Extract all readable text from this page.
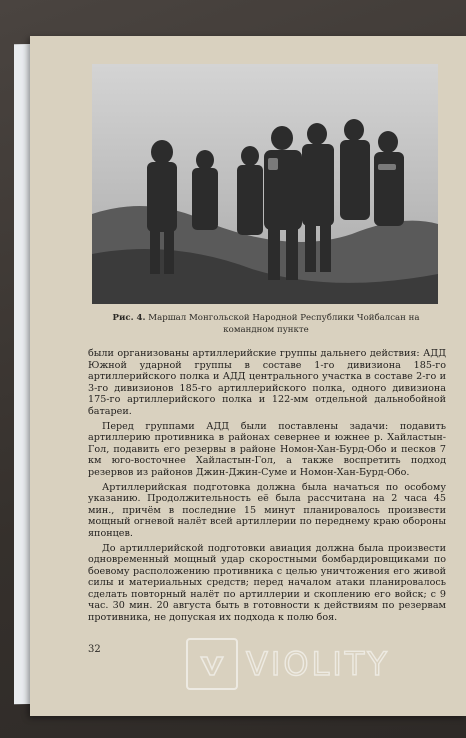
Рис. 4. Маршал Монгольской Народной Республики Чойбалсан на командном пункте

были организованы артиллерийские группы дальнего действия: АДД Южной ударной группы в составе 1-го дивизиона 185-го артиллерийского полка и АДД центрального участка в составе 2-го и 3-го дивизионов 185-го артиллерийского полка, одного дивизиона 175-го артиллерийского полка и 122-мм отдельной дальнобойной батареи.

Перед группами АДД были поставлены задачи: подавить артиллерию противника в районах севернее и южнее р. Хайластын-Гол, подавить его резервы в районе Номон-Хан-Бурд-Обо и песков 7 км юго-восточнее Хайластын-Гол, а также воспретить подход резервов из районов Джин-Джин-Суме и Номон-Хан-Бурд-Обо.

Артиллерийская подготовка должна была начаться по особому указанию. Продолжительность её была рассчитана на 2 часа 45 мин., причём в последние 15 минут планировалось произвести мощный огневой налёт всей артиллерии по переднему краю обороны японцев.

До артиллерийской подготовки авиация должна была произвести одновременный мощный удар скоростными бомбардировщиками по боевому расположению противника с целью уничтожения его живой силы и материальных средств; перед началом атаки планировалось сделать повторный налёт по артиллерии и скоплению его войск; с 9 час. 30 мин. 20 августа быть в готовности к действиям по резервам противника, не допуская их подхода к полю боя.

32	VIOLITY
